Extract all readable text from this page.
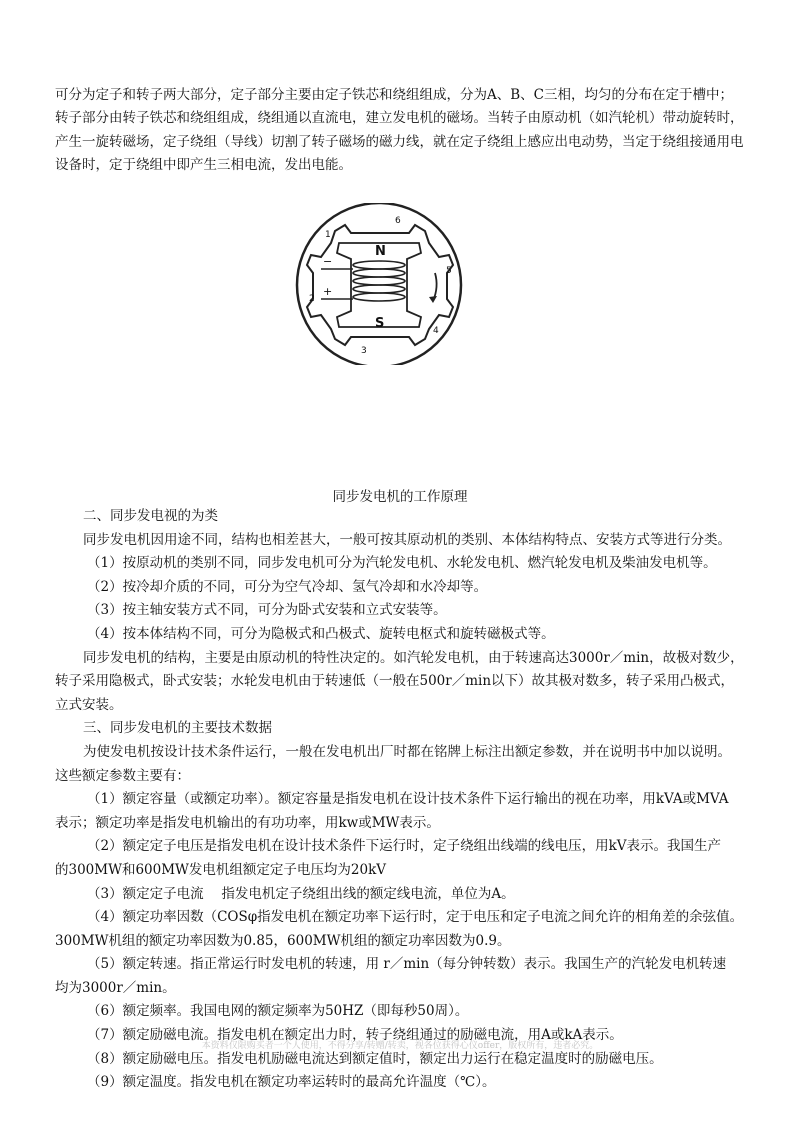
可分为定子和转子两大部分，定子部分主要由定子铁芯和绕组组成，分为A、B、C三相，均匀的分布在定于槽中；转子部分由转子铁芯和绕组组成，绕组通以直流电，建立发电机的磁场。当转子由原动机（如汽轮机）带动旋转时，产生一旋转磁场，定子绕组（导线）切割了转子磁场的磁力线，就在定子绕组上感应出电动势，当定于绕组接通用电设备时，定于绕组中即产生三相电流，发出电能。

N
S
−
+
1
2
3
4
5
6
同步发电机的工作原理
二、同步发电视的为类
同步发电机因用途不同，结构也相差甚大，一般可按其原动机的类别、本体结构特点、安装方式等进行分类。
（1）按原动机的类别不同，同步发电机可分为汽轮发电机、水轮发电机、燃汽轮发电机及柴油发电机等。
（2）按冷却介质的不同，可分为空气冷却、氢气冷却和水冷却等。
（3）按主轴安装方式不同，可分为卧式安装和立式安装等。
（4）按本体结构不同，可分为隐极式和凸极式、旋转电枢式和旋转磁极式等。
同步发电机的结构，主要是由原动机的特性决定的。如汽轮发电机，由于转速高达3000r／min，故极对数少，
转子采用隐极式，卧式安装；水轮发电机由于转速低（一般在500r／min以下）故其极对数多，转子采用凸极式，
立式安装。
三、同步发电机的主要技术数据
为使发电机按设计技术条件运行，一般在发电机出厂时都在铭牌上标注出额定参数，并在说明书中加以说明。
这些额定参数主要有：
（1）额定容量（或额定功率）。额定容量是指发电机在设计技术条件下运行输出的视在功率，用kVA或MVA
表示；额定功率是指发电机输出的有功功率，用kw或MW表示。
（2）额定定子电压是指发电机在设计技术条件下运行时，定子绕组出线端的线电压，用kV表示。我国生产
的300MW和600MW发电机组额定定子电压均为20kV
（3）额定定子电流　 指发电机定子绕组出线的额定线电流，单位为A。
（4）额定功率因数（COSφ指发电机在额定功率下运行时，定于电压和定子电流之间允许的相角差的余弦值。
300MW机组的额定功率因数为0.85，600MW机组的额定功率因数为0.9。
（5）额定转速。指正常运行时发电机的转速，用 r／min（每分钟转数）表示。我国生产的汽轮发电机转速
均为3000r／min。
（6）额定频率。我国电网的额定频率为50HZ（即每秒50周）。
（7）额定励磁电流。指发电机在额定出力时，转子绕组通过的励磁电流，用A或kA表示。
（8）额定励磁电压。指发电机励磁电流达到额定值时，额定出力运行在稳定温度时的励磁电压。
（9）额定温度。指发电机在额定功率运转时的最高允许温度（℃）。
本资料仅限购买者一个人使用，不得分享/转赠/转卖，视各位获得心仪offer，版权所有，违者必究。
